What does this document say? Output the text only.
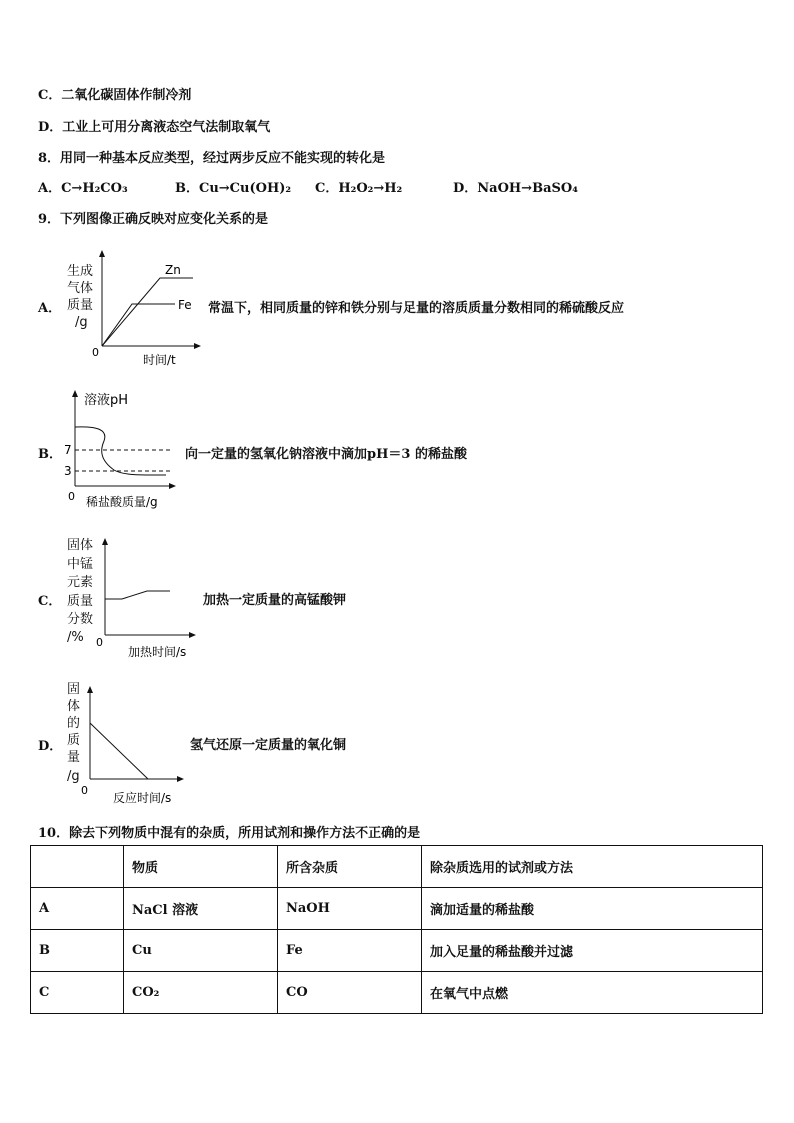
C．二氧化碳固体作制冷剂
D．工业上可用分离液态空气法制取氧气
8．用同一种基本反应类型，经过两步反应不能实现的转化是
A．C→H₂CO₃	B．Cu→Cu(OH)₂ C．H₂O₂→H₂	D．NaOH→BaSO₄
9．下列图像正确反映对应变化关系的是
A．
生成
气体
质量
/g
Zn
Fe
0
时间/t
常温下，相同质量的锌和铁分别与足量的溶质质量分数相同的稀硫酸反应
B．
溶液pH
7
3
0 稀盐酸质量/g
向一定量的氢氧化钠溶液中滴加pH＝3 的稀盐酸
C．
固体
中锰
元素
质量
分数
/% 0
加热时间/s
加热一定质量的高锰酸钾
D．
固
体
的
质
量
/g
0
反应时间/s
氢气还原一定质量的氧化铜
10．除去下列物质中混有的杂质，所用试剂和操作方法不正确的是
	物质	所含杂质	除杂质选用的试剂或方法
A	NaCl 溶液	NaOH	滴加适量的稀盐酸
B	Cu	Fe	加入足量的稀盐酸并过滤
C	CO₂	CO	在氧气中点燃
